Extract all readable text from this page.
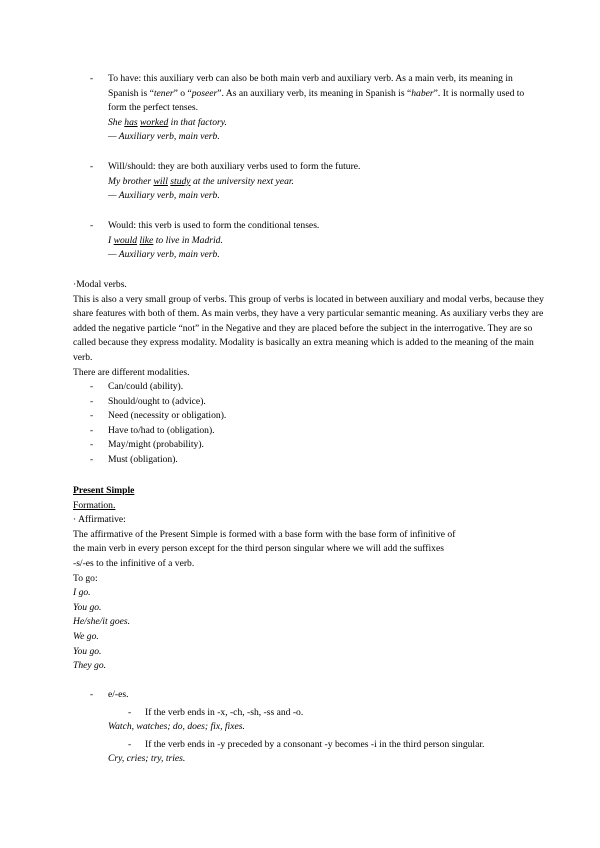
-	To have: this auxiliary verb can also be both main verb and auxiliary verb. As a main verb, its meaning in Spanish is “tener” o “poseer”. As an auxiliary verb, its meaning in Spanish is “haber”. It is normally used to form the perfect tenses.

She has worked in that factory.

— Auxiliary verb, main verb.

-	Will/should: they are both auxiliary verbs used to form the future.

My brother will study at the university next year.

— Auxiliary verb, main verb.

-	Would: this verb is used to form the conditional tenses.

I would like to live in Madrid.

— Auxiliary verb, main verb.

·Modal verbs.

This is also a very small group of verbs. This group of verbs is located in between auxiliary and modal verbs, because they share features with both of them. As main verbs, they have a very particular semantic meaning. As auxiliary verbs they are added the negative particle “not” in the Negative and they are placed before the subject in the interrogative. They are so called because they express modality. Modality is basically an extra meaning which is added to the meaning of the main verb.

There are different modalities.

-	Can/could (ability).

-	Should/ought to (advice).

-	Need (necessity or obligation).

-	Have to/had to (obligation).

-	May/might (probability).

-	Must (obligation).

Present Simple

Formation.

· Affirmative:

The affirmative of the Present Simple is formed with a base form with the base form of infinitive of

the main verb in every person except for the third person singular where we will add the suffixes

-s/-es to the infinitive of a verb.

To go:

I go.

You go.

He/she/it goes.

We go.

You go.

They go.

-	e/-es.

-	If the verb ends in -x, -ch, -sh, -ss and -o.

Watch, watches; do, does; fix, fixes.

-	If the verb ends in -y preceded by a consonant -y becomes -i in the third person singular.

Cry, cries; try, tries.
